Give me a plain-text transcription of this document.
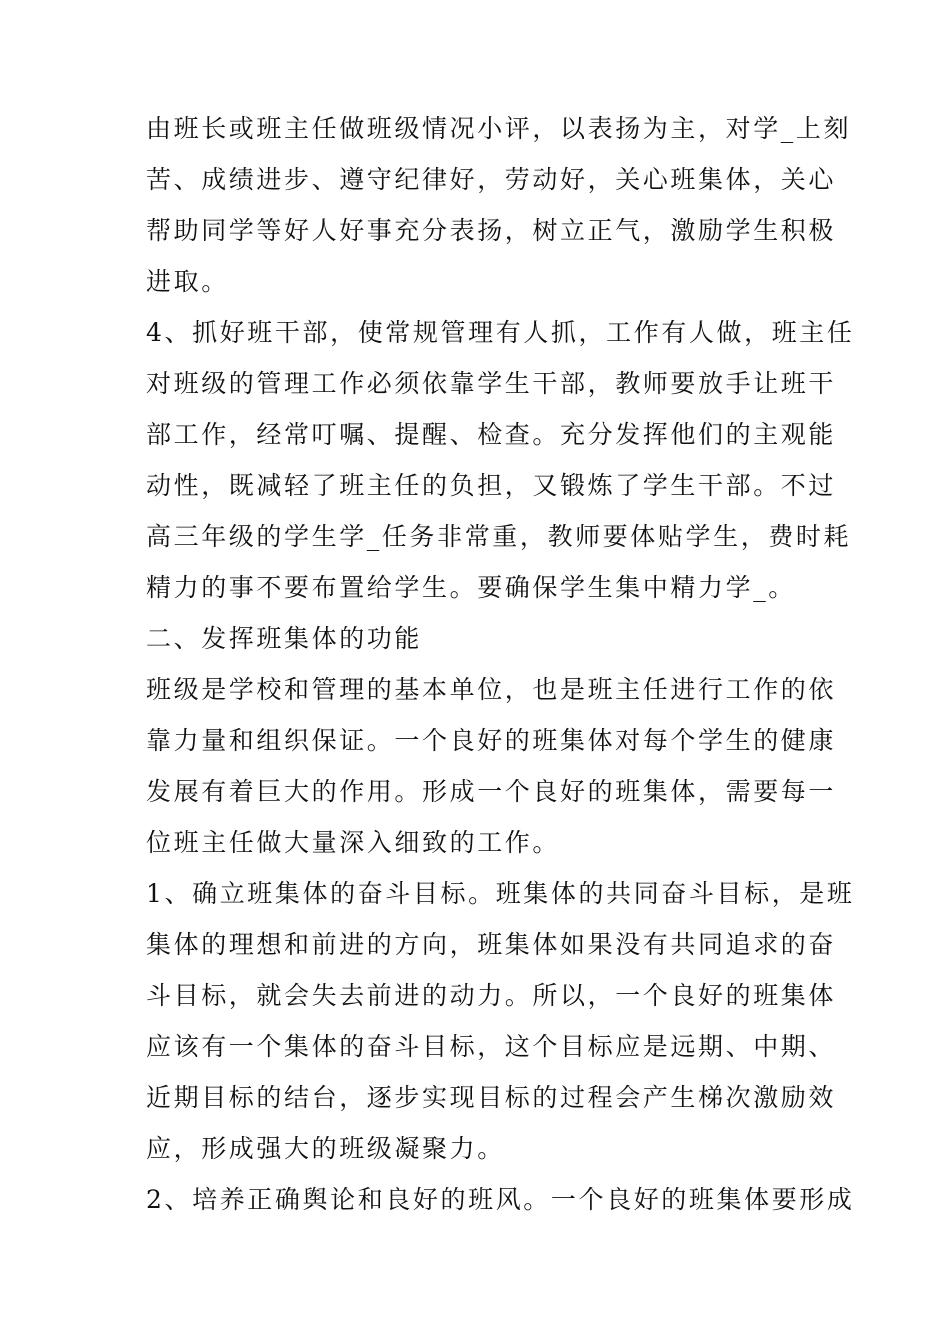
由班长或班主任做班级情况小评，以表扬为主，对学_上刻
苦、成绩进步、遵守纪律好，劳动好，关心班集体，关心
帮助同学等好人好事充分表扬，树立正气，激励学生积极
进取。
4、抓好班干部，使常规管理有人抓，工作有人做，班主任
对班级的管理工作必须依靠学生干部，教师要放手让班干
部工作，经常叮嘱、提醒、检查。充分发挥他们的主观能
动性，既减轻了班主任的负担，又锻炼了学生干部。不过
高三年级的学生学_任务非常重，教师要体贴学生，费时耗
精力的事不要布置给学生。要确保学生集中精力学_。
二、发挥班集体的功能
班级是学校和管理的基本单位，也是班主任进行工作的依
靠力量和组织保证。一个良好的班集体对每个学生的健康
发展有着巨大的作用。形成一个良好的班集体，需要每一
位班主任做大量深入细致的工作。
1、确立班集体的奋斗目标。班集体的共同奋斗目标，是班
集体的理想和前进的方向，班集体如果没有共同追求的奋
斗目标，就会失去前进的动力。所以，一个良好的班集体
应该有一个集体的奋斗目标，这个目标应是远期、中期、
近期目标的结台，逐步实现目标的过程会产生梯次激励效
应，形成强大的班级凝聚力。
2、培养正确舆论和良好的班风。一个良好的班集体要形成
